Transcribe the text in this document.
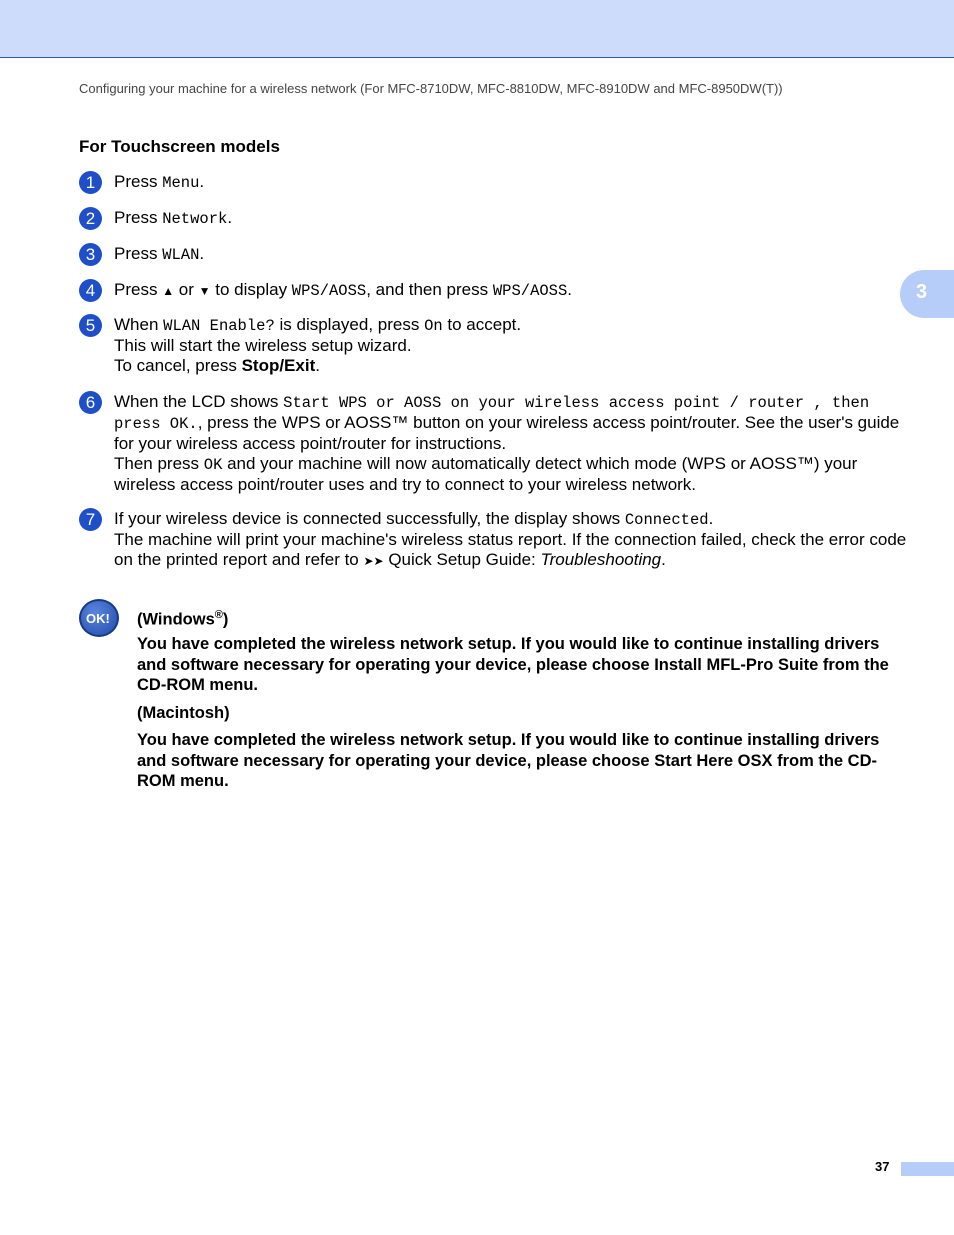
Configuring your machine for a wireless network (For MFC-8710DW, MFC-8810DW, MFC-8910DW and MFC-8950DW(T))
3
For Touchscreen models
1	Press Menu.
2	Press Network.
3	Press WLAN.
4	Press ▲ or ▼ to display WPS/AOSS, and then press WPS/AOSS.
5	When WLAN Enable? is displayed, press On to accept.
This will start the wireless setup wizard.
To cancel, press Stop/Exit.
6	When the LCD shows Start WPS or AOSS on your wireless access point / router , then press OK., press the WPS or AOSS™ button on your wireless access point/router. See the user's guide for your wireless access point/router for instructions.
Then press OK and your machine will now automatically detect which mode (WPS or AOSS™) your wireless access point/router uses and try to connect to your wireless network.
7	If your wireless device is connected successfully, the display shows Connected.
The machine will print your machine's wireless status report. If the connection failed, check the error code on the printed report and refer to ➤➤ Quick Setup Guide: Troubleshooting.
OK! (Windows®)
You have completed the wireless network setup. If you would like to continue installing drivers and software necessary for operating your device, please choose Install MFL-Pro Suite from the CD-ROM menu.
(Macintosh)
You have completed the wireless network setup. If you would like to continue installing drivers and software necessary for operating your device, please choose Start Here OSX from the CD-ROM menu.
37
